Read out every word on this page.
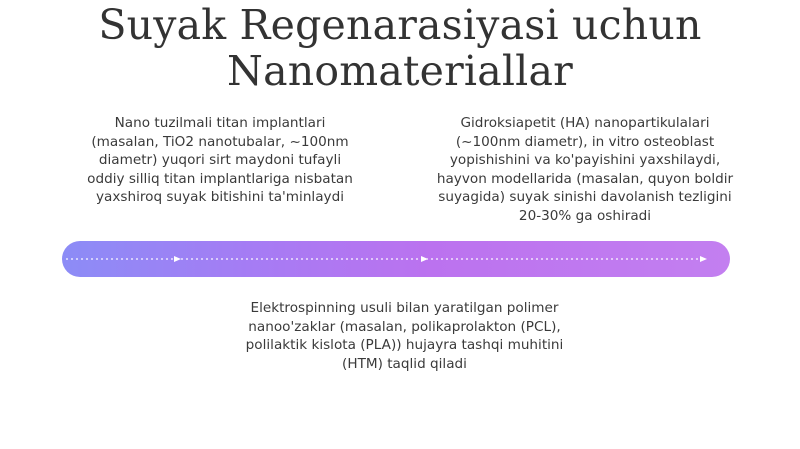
Suyak Regenarasiyasi uchun
Nanomateriallar
Nano tuzilmali titan implantlari
(masalan, TiO2 nanotubalar, ~100nm
diametr) yuqori sirt maydoni tufayli
oddiy silliq titan implantlariga nisbatan
yaxshiroq suyak bitishini ta'minlaydi
Gidroksiapetit (HA) nanopartikulalari
(~100nm diametr), in vitro osteoblast
yopishishini va ko'payishini yaxshilaydi,
hayvon modellarida (masalan, quyon boldir
suyagida) suyak sinishi davolanish tezligini
20-30% ga oshiradi
Elektrospinning usuli bilan yaratilgan polimer
nanoo'zaklar (masalan, polikaprolakton (PCL),
polilaktik kislota (PLA)) hujayra tashqi muhitini
(HTM) taqlid qiladi
